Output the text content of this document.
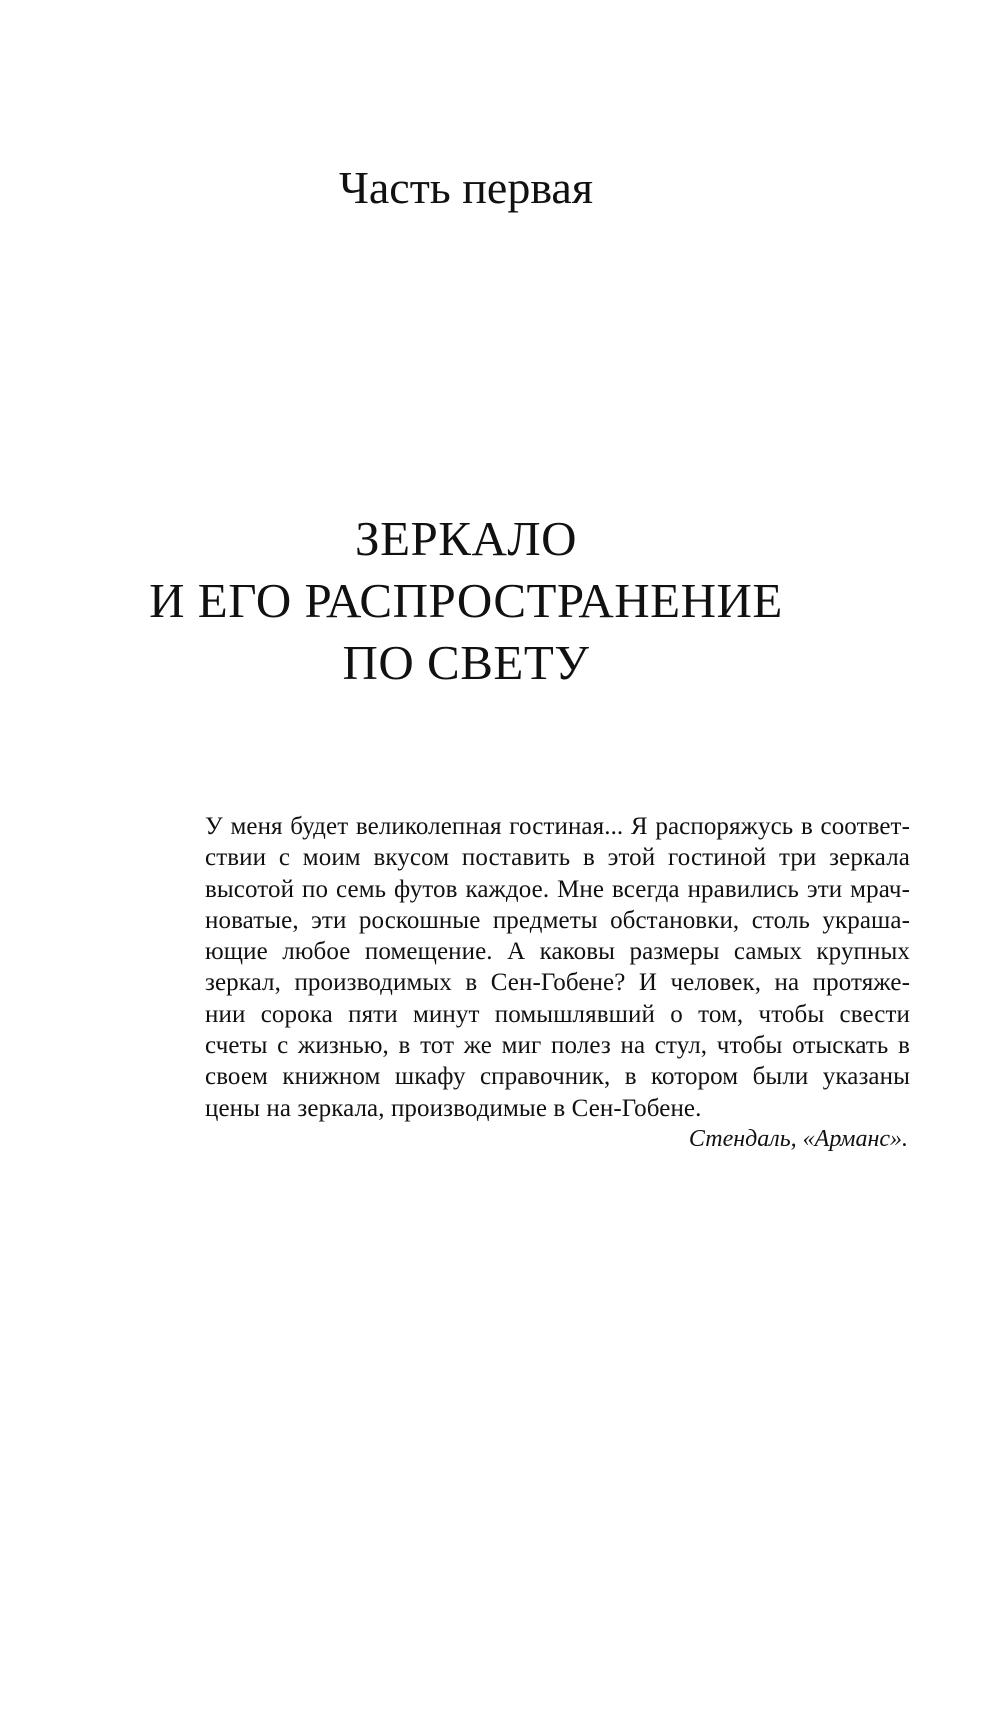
Часть первая
ЗЕРКАЛО
И ЕГО РАСПРОСТРАНЕНИЕ
ПО СВЕТУ
У меня будет великолепная гостиная... Я распоряжусь в соответ-
ствии с моим вкусом поставить в этой гостиной три зеркала
высотой по семь футов каждое. Мне всегда нравились эти мрач-
новатые, эти роскошные предметы обстановки, столь украша-
ющие любое помещение. А каковы размеры самых крупных
зеркал, производимых в Сен-Гобене? И человек, на протяже-
нии сорока пяти минут помышлявший о том, чтобы свести
счеты с жизнью, в тот же миг полез на стул, чтобы отыскать в
своем книжном шкафу справочник, в котором были указаны
цены на зеркала, производимые в Сен-Гобене.
Стендаль, «Арманс».
